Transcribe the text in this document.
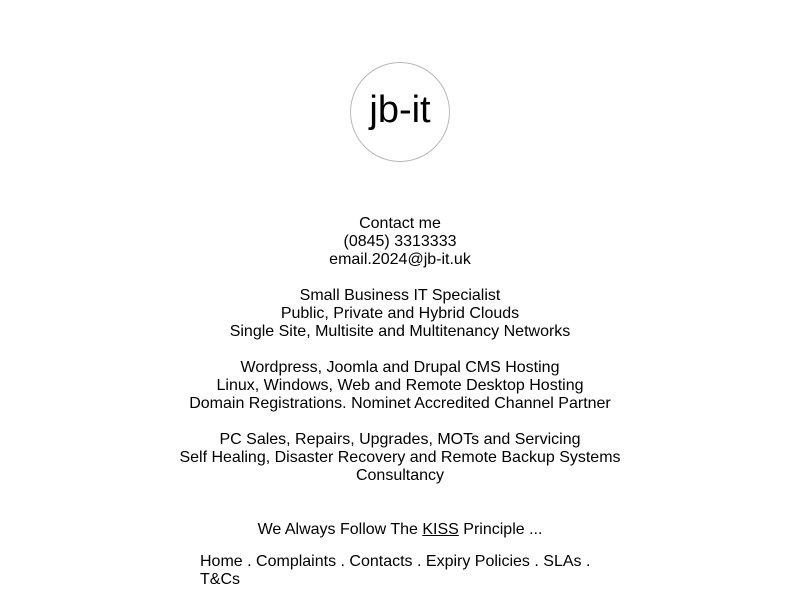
jb-it
Contact me
(0845) 3313333
email.2024@jb-it.uk
Small Business IT Specialist
Public, Private and Hybrid Clouds
Single Site, Multisite and Multitenancy Networks
Wordpress, Joomla and Drupal CMS Hosting
Linux, Windows, Web and Remote Desktop Hosting
Domain Registrations. Nominet Accredited Channel Partner
PC Sales, Repairs, Upgrades, MOTs and Servicing
Self Healing, Disaster Recovery and Remote Backup Systems
Consultancy
We Always Follow The KISS Principle ...
Home . Complaints . Contacts . Expiry Policies . SLAs . T&Cs
